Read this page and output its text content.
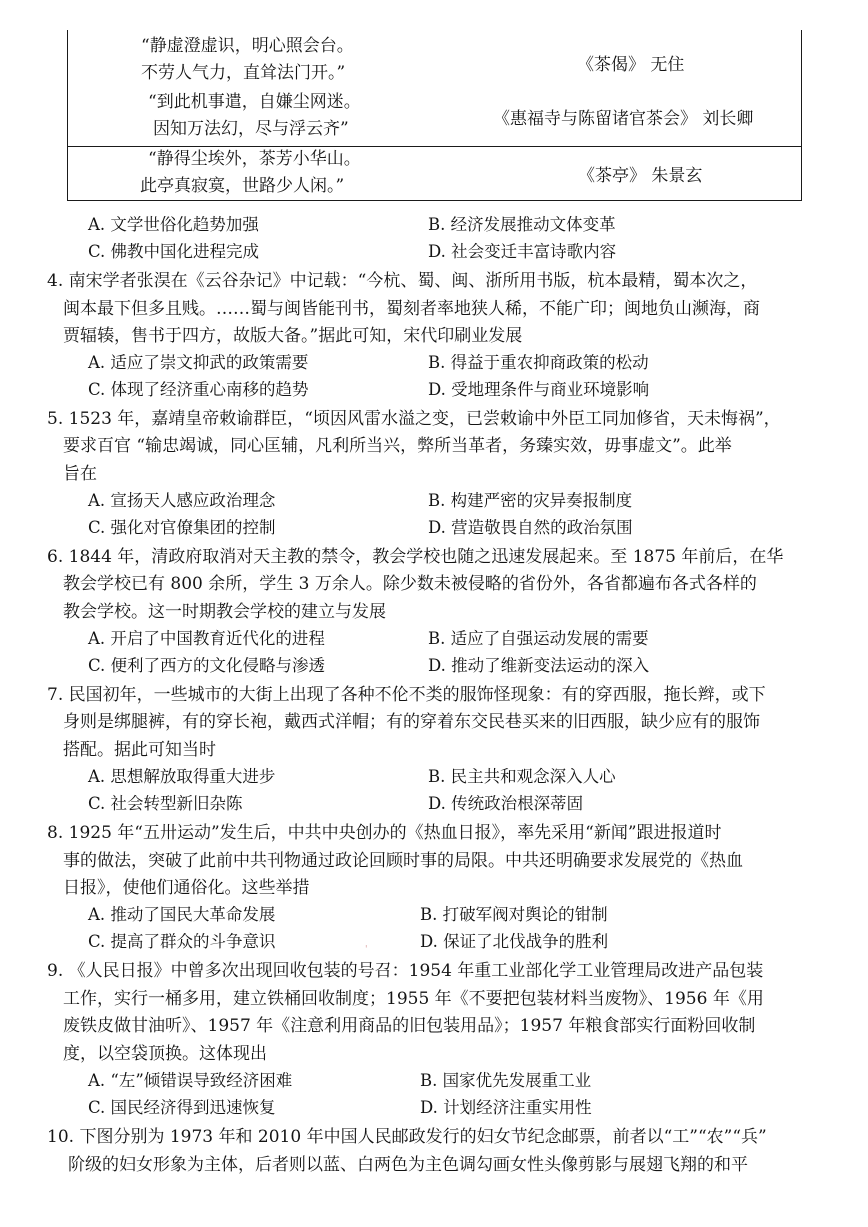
“静虚澄虚识，明心照会台。
不劳人气力，直耸法门开。”	《茶偈》 无住
“到此机事遣，自嫌尘网迷。
因知万法幻，尽与浮云齐”	《惠福寺与陈留诸官茶会》 刘长卿
“静得尘埃外，茶芳小华山。
此亭真寂寞，世路少人闲。”	《茶亭》 朱景玄
A. 文学世俗化趋势加强	B. 经济发展推动文体变革
C. 佛教中国化进程完成	D. 社会变迁丰富诗歌内容
4. 南宋学者张淏在《云谷杂记》中记载：“今杭、蜀、闽、浙所用书版，杭本最精，蜀本次之，
闽本最下但多且贱。……蜀与闽皆能刊书，蜀刻者率地狭人稀，不能广印；闽地负山濒海，商
贾辐辏，售书于四方，故版大备。”据此可知，宋代印刷业发展
A. 适应了崇文抑武的政策需要	B. 得益于重农抑商政策的松动
C. 体现了经济重心南移的趋势	D. 受地理条件与商业环境影响
5. 1523 年，嘉靖皇帝敕谕群臣，“顷因风雷水溢之变，已尝敕谕中外臣工同加修省，天未悔祸”，
要求百官 “输忠竭诚，同心匡辅，凡利所当兴，弊所当革者，务臻实效，毋事虚文”。此举
旨在
A. 宣扬天人感应政治理念	B. 构建严密的灾异奏报制度
C. 强化对官僚集团的控制	D. 营造敬畏自然的政治氛围
6. 1844 年，清政府取消对天主教的禁令，教会学校也随之迅速发展起来。至 1875 年前后，在华
教会学校已有 800 余所，学生 3 万余人。除少数未被侵略的省份外，各省都遍布各式各样的
教会学校。这一时期教会学校的建立与发展
A. 开启了中国教育近代化的进程	B. 适应了自强运动发展的需要
C. 便利了西方的文化侵略与渗透	D. 推动了维新变法运动的深入
7. 民国初年，一些城市的大街上出现了各种不伦不类的服饰怪现象：有的穿西服，拖长辫，或下
身则是绑腿裤，有的穿长袍，戴西式洋帽；有的穿着东交民巷买来的旧西服，缺少应有的服饰
搭配。据此可知当时
A. 思想解放取得重大进步	B. 民主共和观念深入人心
C. 社会转型新旧杂陈	D. 传统政治根深蒂固
8. 1925 年“五卅运动”发生后，中共中央创办的《热血日报》，率先采用“新闻”跟进报道时
事的做法，突破了此前中共刊物通过政论回顾时事的局限。中共还明确要求发展党的《热血
日报》，使他们通俗化。这些举措
A. 推动了国民大革命发展	B. 打破军阀对舆论的钳制
C. 提高了群众的斗争意识	D. 保证了北伐战争的胜利
'
9. 《人民日报》中曾多次出现回收包装的号召：1954 年重工业部化学工业管理局改进产品包装
工作，实行一桶多用，建立铁桶回收制度；1955 年《不要把包装材料当废物》、1956 年《用
废铁皮做甘油听》、1957 年《注意利用商品的旧包装用品》；1957 年粮食部实行面粉回收制
度，以空袋顶换。这体现出
A. “左”倾错误导致经济困难	B. 国家优先发展重工业
C. 国民经济得到迅速恢复	D. 计划经济注重实用性
10. 下图分别为 1973 年和 2010 年中国人民邮政发行的妇女节纪念邮票，前者以“工”“农”“兵”
阶级的妇女形象为主体，后者则以蓝、白两色为主色调勾画女性头像剪影与展翅飞翔的和平
